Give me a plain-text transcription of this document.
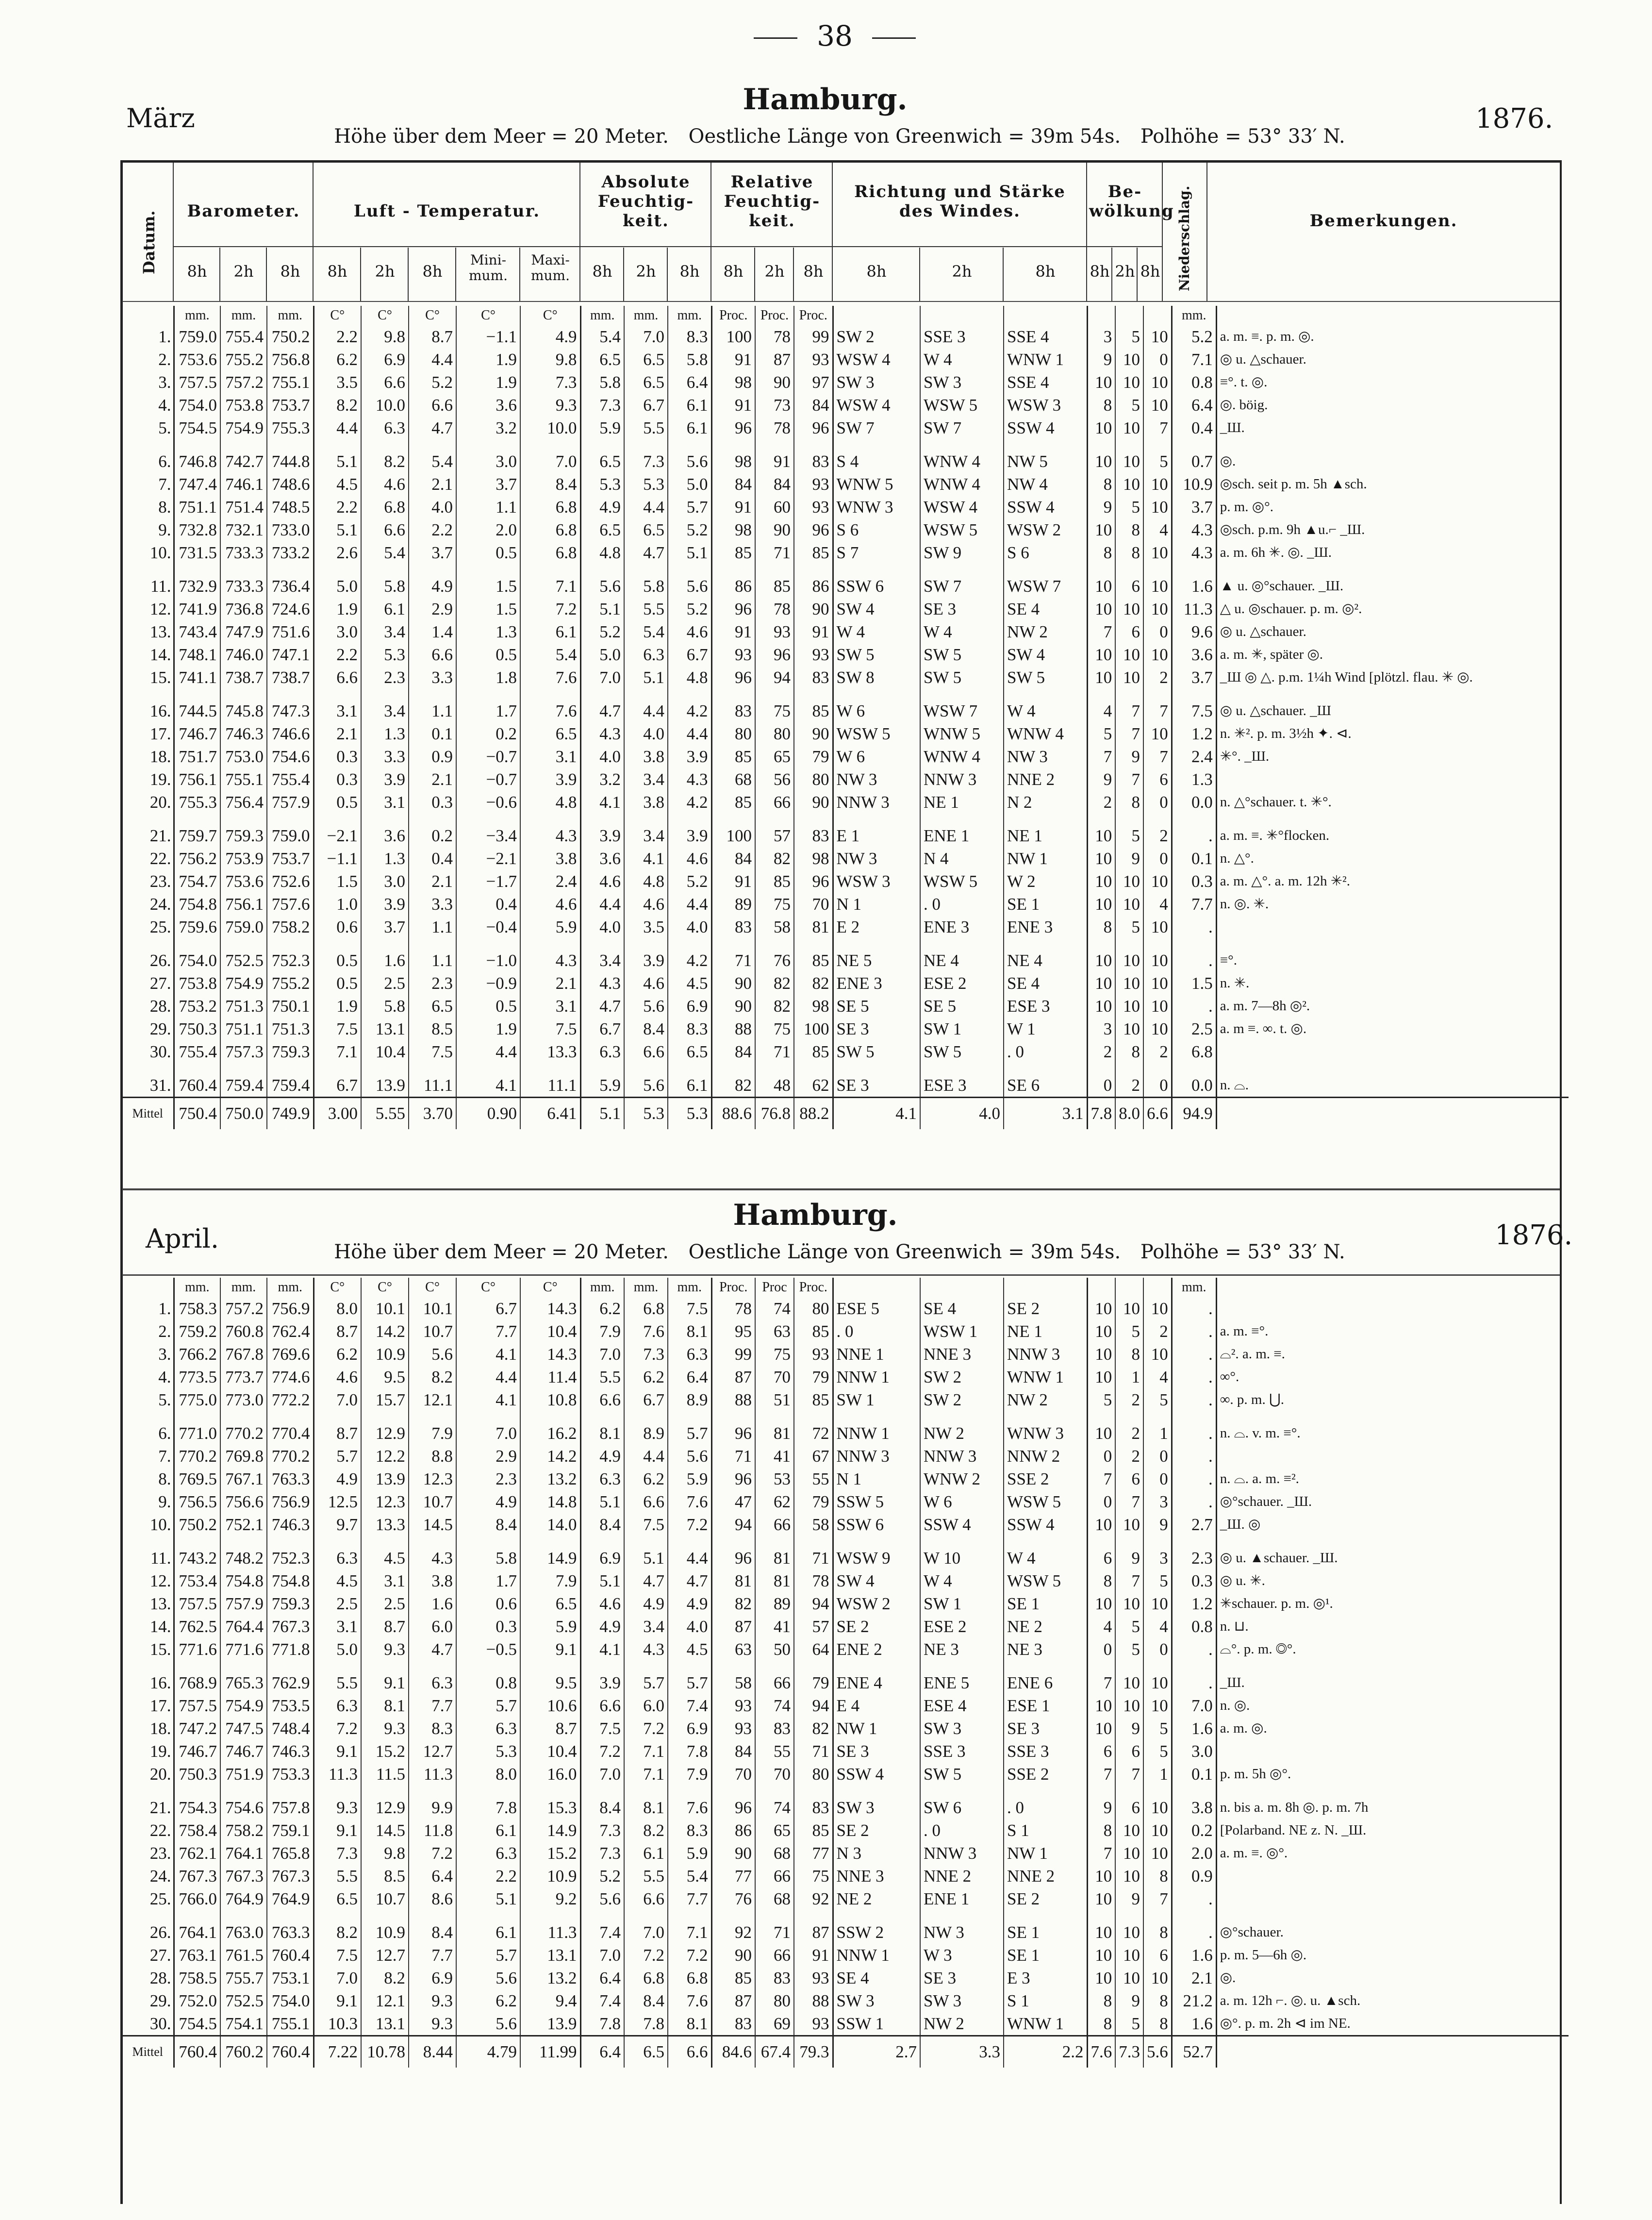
38
März
Hamburg.
1876.
Höhe über dem Meer = 20 Meter. Oestliche Länge von Greenwich = 39m 54s. Polhöhe = 53° 33′ N.
Datum.	Niederschlag.
Barometer.	Luft - Temperatur.
Absolute Feuchtig- keit.
Relative Feuchtig- keit.
Richtung und Stärke des Windes.
Be- wölkung	Bemerkungen.
8h	2h	8h	8h	2h	8h	8h	2h	8h	8h	2h	8h	8h	2h	8h	8h 2h 8h
Mini- mum.
Maxi- mum.
	mm.	mm.	mm.	C°	C°	C°	C°	C°	mm.	mm.	mm.	Proc.	Proc.	Proc.							mm.	
1.	759.0	755.4	750.2	2.2	9.8	8.7	−1.1	4.9	5.4	7.0	8.3	100	78	99	SW 2	SSE 3	SSE 4	3	5	10	5.2	a. m. ≡. p. m. ◎.
2.	753.6	755.2	756.8	6.2	6.9	4.4	1.9	9.8	6.5	6.5	5.8	91	87	93	WSW 4	W 4	WNW 1	9	10	0	7.1	◎ u. △schauer.
3.	757.5	757.2	755.1	3.5	6.6	5.2	1.9	7.3	5.8	6.5	6.4	98	90	97	SW 3	SW 3	SSE 4	10	10	10	0.8	≡°. t. ◎.
4.	754.0	753.8	753.7	8.2	10.0	6.6	3.6	9.3	7.3	6.7	6.1	91	73	84	WSW 4	WSW 5	WSW 3	8	5	10	6.4	◎. böig.
5.	754.5	754.9	755.3	4.4	6.3	4.7	3.2	10.0	5.9	5.5	6.1	96	78	96	SW 7	SW 7	SSW 4	10	10	7	0.4	_Ш.
6.	746.8	742.7	744.8	5.1	8.2	5.4	3.0	7.0	6.5	7.3	5.6	98	91	83	S 4	WNW 4	NW 5	10	10	5	0.7	◎.
7.	747.4	746.1	748.6	4.5	4.6	2.1	3.7	8.4	5.3	5.3	5.0	84	84	93	WNW 5	WNW 4	NW 4	8	10	10	10.9	◎sch. seit p. m. 5h ▲sch.
8.	751.1	751.4	748.5	2.2	6.8	4.0	1.1	6.8	4.9	4.4	5.7	91	60	93	WNW 3	WSW 4	SSW 4	9	5	10	3.7	p. m. ◎°.
9.	732.8	732.1	733.0	5.1	6.6	2.2	2.0	6.8	6.5	6.5	5.2	98	90	96	S 6	WSW 5	WSW 2	10	8	4	4.3	◎sch. p.m. 9h ▲u.⌐ _Ш.
10.	731.5	733.3	733.2	2.6	5.4	3.7	0.5	6.8	4.8	4.7	5.1	85	71	85	S 7	SW 9	S 6	8	8	10	4.3	a. m. 6h ✳. ◎. _Ш.
11.	732.9	733.3	736.4	5.0	5.8	4.9	1.5	7.1	5.6	5.8	5.6	86	85	86	SSW 6	SW 7	WSW 7	10	6	10	1.6	▲ u. ◎°schauer. _Ш.
12.	741.9	736.8	724.6	1.9	6.1	2.9	1.5	7.2	5.1	5.5	5.2	96	78	90	SW 4	SE 3	SE 4	10	10	10	11.3	△ u. ◎schauer. p. m. ◎².
13.	743.4	747.9	751.6	3.0	3.4	1.4	1.3	6.1	5.2	5.4	4.6	91	93	91	W 4	W 4	NW 2	7	6	0	9.6	◎ u. △schauer.
14.	748.1	746.0	747.1	2.2	5.3	6.6	0.5	5.4	5.0	6.3	6.7	93	96	93	SW 5	SW 5	SW 4	10	10	10	3.6	a. m. ✳, später ◎.
15.	741.1	738.7	738.7	6.6	2.3	3.3	1.8	7.6	7.0	5.1	4.8	96	94	83	SW 8	SW 5	SW 5	10	10	2	3.7	_Ш ◎ △. p.m. 1¼h Wind [plötzl. flau. ✳ ◎.
16.	744.5	745.8	747.3	3.1	3.4	1.1	1.7	7.6	4.7	4.4	4.2	83	75	85	W 6	WSW 7	W 4	4	7	7	7.5	◎ u. △schauer. _Ш
17.	746.7	746.3	746.6	2.1	1.3	0.1	0.2	6.5	4.3	4.0	4.4	80	80	90	WSW 5	WNW 5	WNW 4	5	7	10	1.2	n. ✳². p. m. 3½h ✦. ⊲.
18.	751.7	753.0	754.6	0.3	3.3	0.9	−0.7	3.1	4.0	3.8	3.9	85	65	79	W 6	WNW 4	NW 3	7	9	7	2.4	✳°. _Ш.
19.	756.1	755.1	755.4	0.3	3.9	2.1	−0.7	3.9	3.2	3.4	4.3	68	56	80	NW 3	NNW 3	NNE 2	9	7	6	1.3	
20.	755.3	756.4	757.9	0.5	3.1	0.3	−0.6	4.8	4.1	3.8	4.2	85	66	90	NNW 3	NE 1	N 2	2	8	0	0.0	n. △°schauer. t. ✳°.
21.	759.7	759.3	759.0	−2.1	3.6	0.2	−3.4	4.3	3.9	3.4	3.9	100	57	83	E 1	ENE 1	NE 1	10	5	2	.	a. m. ≡. ✳°flocken.
22.	756.2	753.9	753.7	−1.1	1.3	0.4	−2.1	3.8	3.6	4.1	4.6	84	82	98	NW 3	N 4	NW 1	10	9	0	0.1	n. △°.
23.	754.7	753.6	752.6	1.5	3.0	2.1	−1.7	2.4	4.6	4.8	5.2	91	85	96	WSW 3	WSW 5	W 2	10	10	10	0.3	a. m. △°. a. m. 12h ✳².
24.	754.8	756.1	757.6	1.0	3.9	3.3	0.4	4.6	4.4	4.6	4.4	89	75	70	N 1	. 0	SE 1	10	10	4	7.7	n. ◎. ✳.
25.	759.6	759.0	758.2	0.6	3.7	1.1	−0.4	5.9	4.0	3.5	4.0	83	58	81	E 2	ENE 3	ENE 3	8	5	10	.	
26.	754.0	752.5	752.3	0.5	1.6	1.1	−1.0	4.3	3.4	3.9	4.2	71	76	85	NE 5	NE 4	NE 4	10	10	10	.	≡°.
27.	753.8	754.9	755.2	0.5	2.5	2.3	−0.9	2.1	4.3	4.6	4.5	90	82	82	ENE 3	ESE 2	SE 4	10	10	10	1.5	n. ✳.
28.	753.2	751.3	750.1	1.9	5.8	6.5	0.5	3.1	4.7	5.6	6.9	90	82	98	SE 5	SE 5	ESE 3	10	10	10	.	a. m. 7—8h ◎².
29.	750.3	751.1	751.3	7.5	13.1	8.5	1.9	7.5	6.7	8.4	8.3	88	75	100	SE 3	SW 1	W 1	3	10	10	2.5	a. m ≡. ∞. t. ◎.
30.	755.4	757.3	759.3	7.1	10.4	7.5	4.4	13.3	6.3	6.6	6.5	84	71	85	SW 5	SW 5	. 0	2	8	2	6.8	
31.	760.4	759.4	759.4	6.7	13.9	11.1	4.1	11.1	5.9	5.6	6.1	82	48	62	SE 3	ESE 3	SE 6	0	2	0	0.0	n. ⌓.
Mittel	750.4	750.0	749.9	3.00	5.55	3.70	0.90	6.41	5.1	5.3	5.3	88.6	76.8	88.2	4.1	4.0	3.1	7.8	8.0	6.6	94.9	
April.
Hamburg.
1876.
Höhe über dem Meer = 20 Meter. Oestliche Länge von Greenwich = 39m 54s. Polhöhe = 53° 33′ N.
	mm.	mm.	mm.	C°	C°	C°	C°	C°	mm.	mm.	mm.	Proc.	Proc	Proc.							mm.	
1.	758.3	757.2	756.9	8.0	10.1	10.1	6.7	14.3	6.2	6.8	7.5	78	74	80	ESE 5	SE 4	SE 2	10	10	10	.	
2.	759.2	760.8	762.4	8.7	14.2	10.7	7.7	10.4	7.9	7.6	8.1	95	63	85	. 0	WSW 1	NE 1	10	5	2	.	a. m. ≡°.
3.	766.2	767.8	769.6	6.2	10.9	5.6	4.1	14.3	7.0	7.3	6.3	99	75	93	NNE 1	NNE 3	NNW 3	10	8	10	.	⌓². a. m. ≡.
4.	773.5	773.7	774.6	4.6	9.5	8.2	4.4	11.4	5.5	6.2	6.4	87	70	79	NNW 1	SW 2	WNW 1	10	1	4	.	∞°.
5.	775.0	773.0	772.2	7.0	15.7	12.1	4.1	10.8	6.6	6.7	8.9	88	51	85	SW 1	SW 2	NW 2	5	2	5	.	∞. p. m. ⋃.
6.	771.0	770.2	770.4	8.7	12.9	7.9	7.0	16.2	8.1	8.9	5.7	96	81	72	NNW 1	NW 2	WNW 3	10	2	1	.	n. ⌓. v. m. ≡°.
7.	770.2	769.8	770.2	5.7	12.2	8.8	2.9	14.2	4.9	4.4	5.6	71	41	67	NNW 3	NNW 3	NNW 2	0	2	0	.	
8.	769.5	767.1	763.3	4.9	13.9	12.3	2.3	13.2	6.3	6.2	5.9	96	53	55	N 1	WNW 2	SSE 2	7	6	0	.	n. ⌓. a. m. ≡².
9.	756.5	756.6	756.9	12.5	12.3	10.7	4.9	14.8	5.1	6.6	7.6	47	62	79	SSW 5	W 6	WSW 5	0	7	3	.	◎°schauer. _Ш.
10.	750.2	752.1	746.3	9.7	13.3	14.5	8.4	14.0	8.4	7.5	7.2	94	66	58	SSW 6	SSW 4	SSW 4	10	10	9	2.7	_Ш. ◎
11.	743.2	748.2	752.3	6.3	4.5	4.3	5.8	14.9	6.9	5.1	4.4	96	81	71	WSW 9	W 10	W 4	6	9	3	2.3	◎ u. ▲schauer. _Ш.
12.	753.4	754.8	754.8	4.5	3.1	3.8	1.7	7.9	5.1	4.7	4.7	81	81	78	SW 4	W 4	WSW 5	8	7	5	0.3	◎ u. ✳.
13.	757.5	757.9	759.3	2.5	2.5	1.6	0.6	6.5	4.6	4.9	4.9	82	89	94	WSW 2	SW 1	SE 1	10	10	10	1.2	✳schauer. p. m. ◎¹.
14.	762.5	764.4	767.3	3.1	8.7	6.0	0.3	5.9	4.9	3.4	4.0	87	41	57	SE 2	ESE 2	NE 2	4	5	4	0.8	n. ⊔.
15.	771.6	771.6	771.8	5.0	9.3	4.7	−0.5	9.1	4.1	4.3	4.5	63	50	64	ENE 2	NE 3	NE 3	0	5	0	.	⌓°. p. m. ◎°.
16.	768.9	765.3	762.9	5.5	9.1	6.3	0.8	9.5	3.9	5.7	5.7	58	66	79	ENE 4	ENE 5	ENE 6	7	10	10	.	_Ш.
17.	757.5	754.9	753.5	6.3	8.1	7.7	5.7	10.6	6.6	6.0	7.4	93	74	94	E 4	ESE 4	ESE 1	10	10	10	7.0	n. ◎.
18.	747.2	747.5	748.4	7.2	9.3	8.3	6.3	8.7	7.5	7.2	6.9	93	83	82	NW 1	SW 3	SE 3	10	9	5	1.6	a. m. ◎.
19.	746.7	746.7	746.3	9.1	15.2	12.7	5.3	10.4	7.2	7.1	7.8	84	55	71	SE 3	SSE 3	SSE 3	6	6	5	3.0	
20.	750.3	751.9	753.3	11.3	11.5	11.3	8.0	16.0	7.0	7.1	7.9	70	70	80	SSW 4	SW 5	SSE 2	7	7	1	0.1	p. m. 5h ◎°.
21.	754.3	754.6	757.8	9.3	12.9	9.9	7.8	15.3	8.4	8.1	7.6	96	74	83	SW 3	SW 6	. 0	9	6	10	3.8	n. bis a. m. 8h ◎. p. m. 7h
22.	758.4	758.2	759.1	9.1	14.5	11.8	6.1	14.9	7.3	8.2	8.3	86	65	85	SE 2	. 0	S 1	8	10	10	0.2	[Polarband. NE z. N. _Ш.
23.	762.1	764.1	765.8	7.3	9.8	7.2	6.3	15.2	7.3	6.1	5.9	90	68	77	N 3	NNW 3	NW 1	7	10	10	2.0	a. m. ≡. ◎°.
24.	767.3	767.3	767.3	5.5	8.5	6.4	2.2	10.9	5.2	5.5	5.4	77	66	75	NNE 3	NNE 2	NNE 2	10	10	8	0.9	
25.	766.0	764.9	764.9	6.5	10.7	8.6	5.1	9.2	5.6	6.6	7.7	76	68	92	NE 2	ENE 1	SE 2	10	9	7	.	
26.	764.1	763.0	763.3	8.2	10.9	8.4	6.1	11.3	7.4	7.0	7.1	92	71	87	SSW 2	NW 3	SE 1	10	10	8	.	◎°schauer.
27.	763.1	761.5	760.4	7.5	12.7	7.7	5.7	13.1	7.0	7.2	7.2	90	66	91	NNW 1	W 3	SE 1	10	10	6	1.6	p. m. 5—6h ◎.
28.	758.5	755.7	753.1	7.0	8.2	6.9	5.6	13.2	6.4	6.8	6.8	85	83	93	SE 4	SE 3	E 3	10	10	10	2.1	◎.
29.	752.0	752.5	754.0	9.1	12.1	9.3	6.2	9.4	7.4	8.4	7.6	87	80	88	SW 3	SW 3	S 1	8	9	8	21.2	a. m. 12h ⌐. ◎. u. ▲sch.
30.	754.5	754.1	755.1	10.3	13.1	9.3	5.6	13.9	7.8	7.8	8.1	83	69	93	SSW 1	NW 2	WNW 1	8	5	8	1.6	◎°. p. m. 2h ⊲ im NE.
Mittel	760.4	760.2	760.4	7.22	10.78	8.44	4.79	11.99	6.4	6.5	6.6	84.6	67.4	79.3	2.7	3.3	2.2	7.6	7.3	5.6	52.7	
